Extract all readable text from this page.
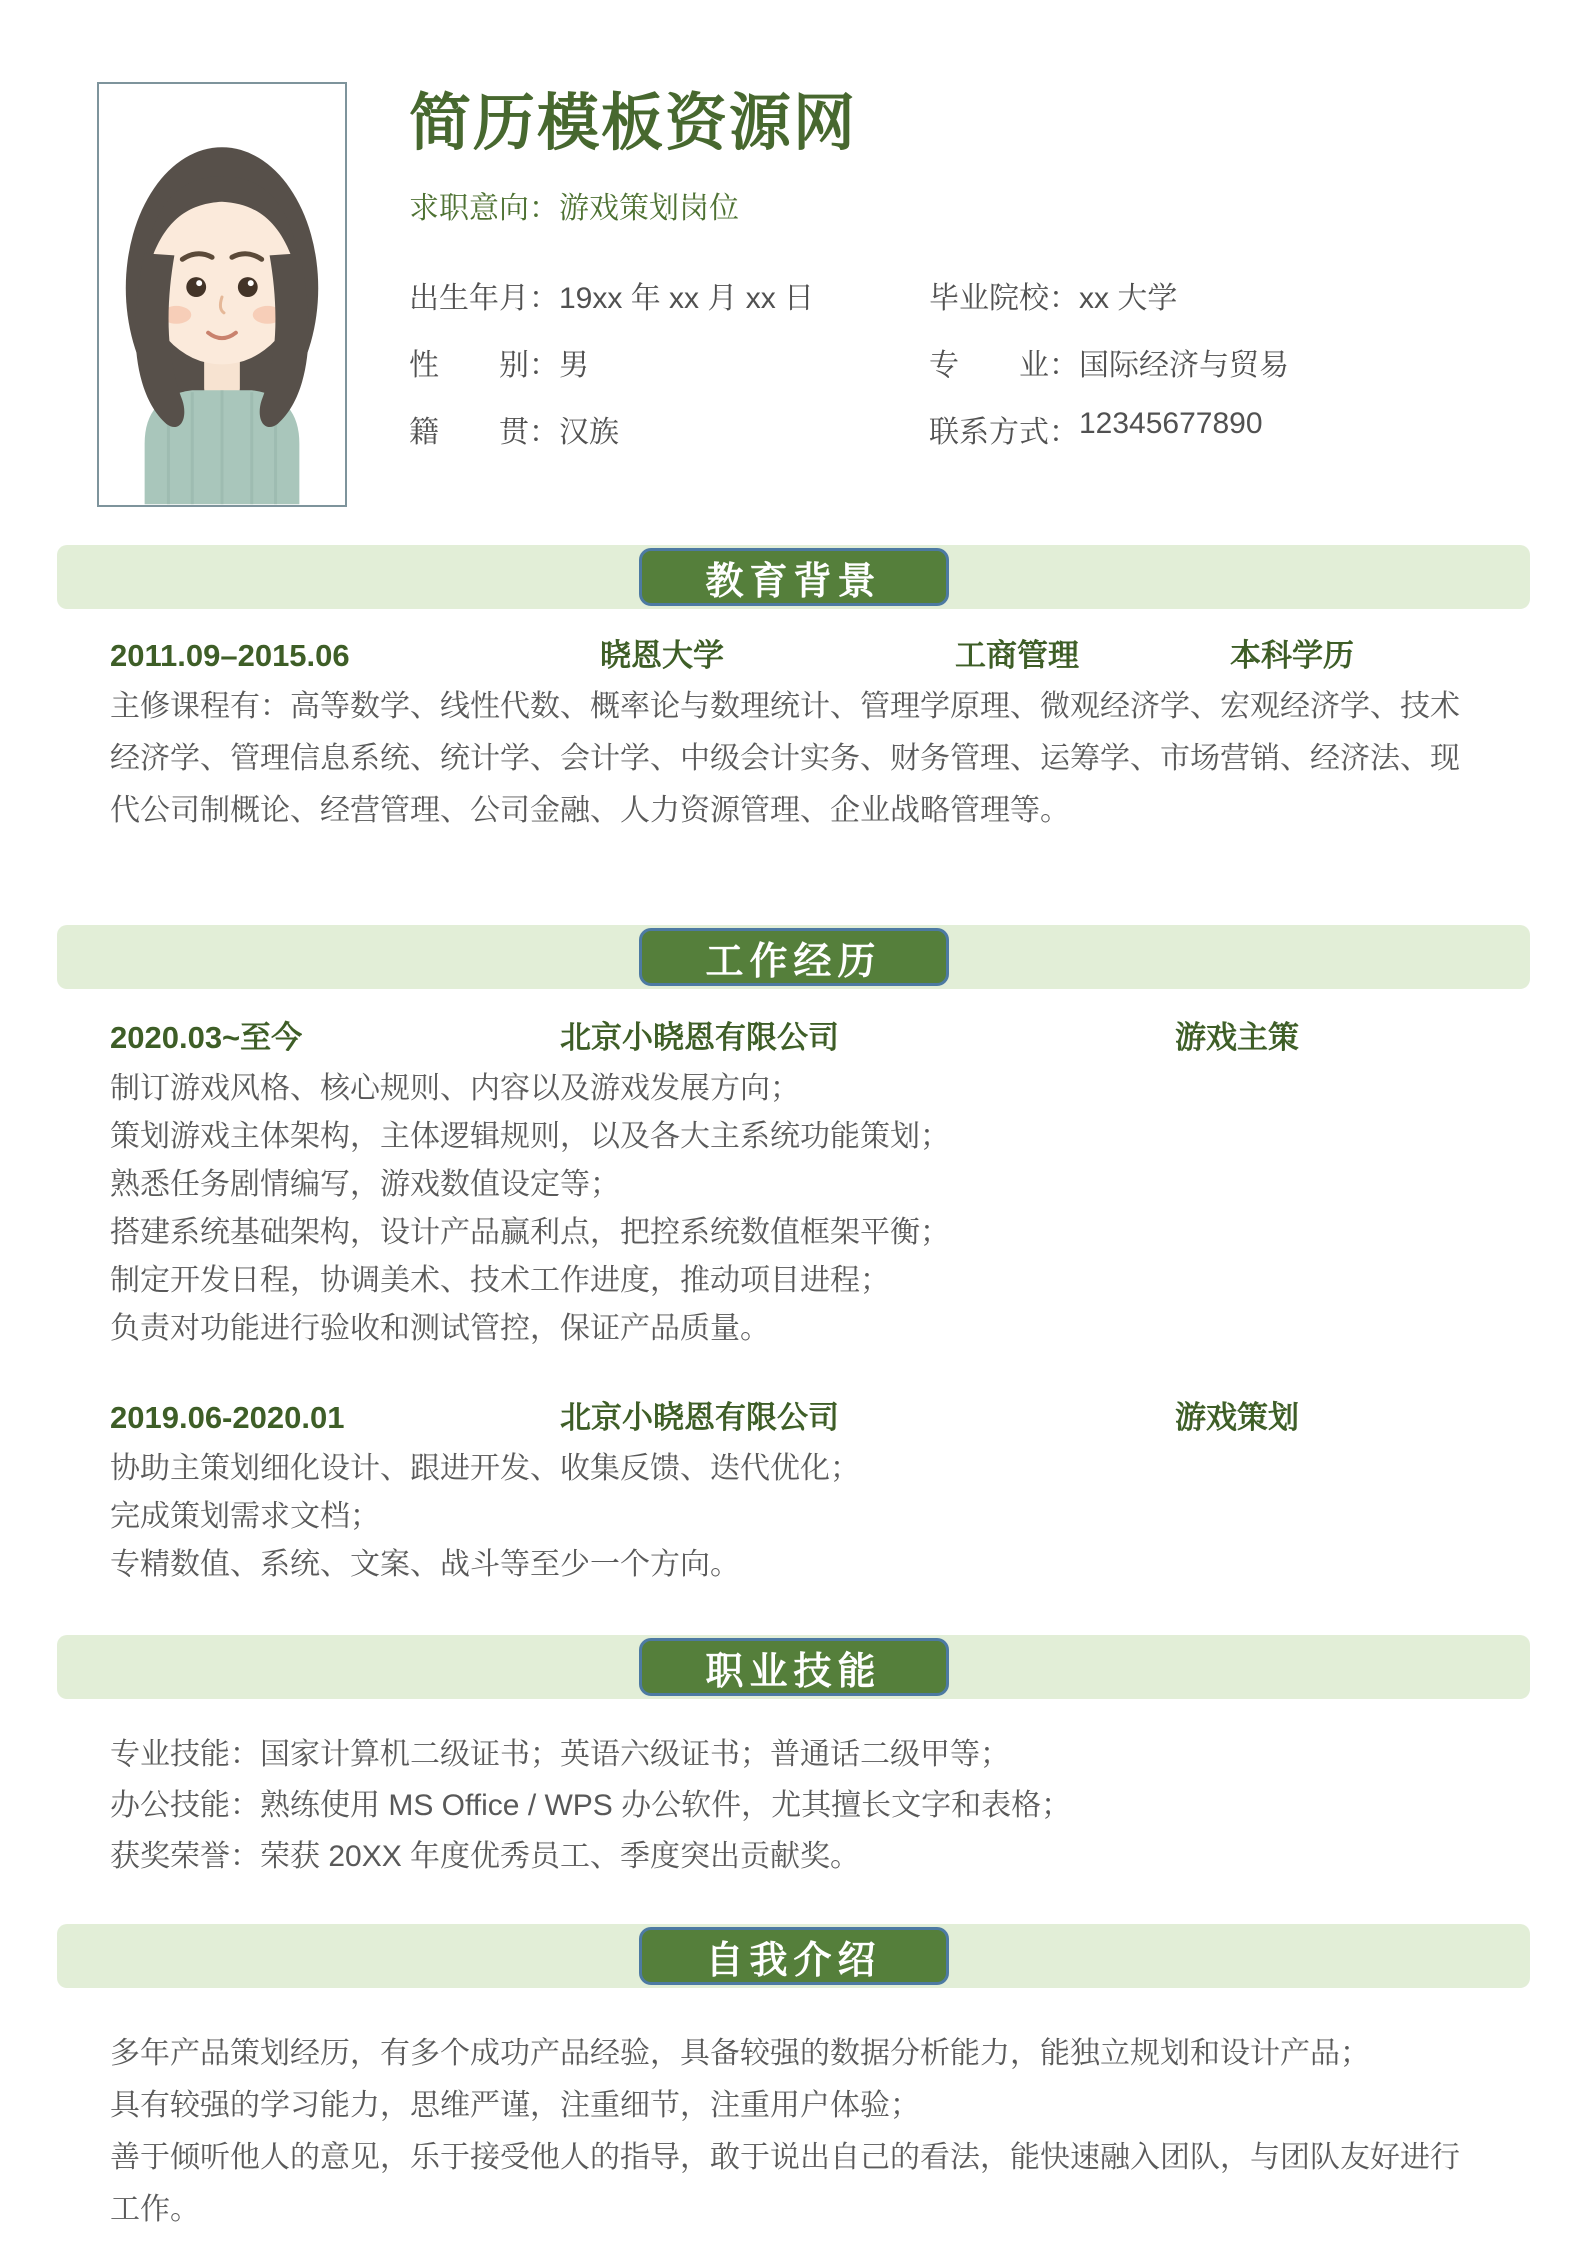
简历模板资源网
求职意向：游戏策划岗位
出生年月： 19xx 年 xx 月 xx 日	毕业院校： xx 大学
性　　别： 男	专　　业： 国际经济与贸易
籍　　贯： 汉族	联系方式： 12345677890
教育背景
2011.09–2015.06	晓恩大学	工商管理	本科学历
主修课程有：高等数学、线性代数、概率论与数理统计、管理学原理、微观经济学、宏观经济学、技术经济学、管理信息系统、统计学、会计学、中级会计实务、财务管理、运筹学、市场营销、经济法、现代公司制概论、经营管理、公司金融、人力资源管理、企业战略管理等。
工作经历
2020.03~至今	北京小晓恩有限公司	游戏主策
制订游戏风格、核心规则、内容以及游戏发展方向；
策划游戏主体架构，主体逻辑规则，以及各大主系统功能策划；
熟悉任务剧情编写，游戏数值设定等；
搭建系统基础架构，设计产品赢利点，把控系统数值框架平衡；
制定开发日程，协调美术、技术工作进度，推动项目进程；
负责对功能进行验收和测试管控，保证产品质量。
2019.06-2020.01	北京小晓恩有限公司	游戏策划
协助主策划细化设计、跟进开发、收集反馈、迭代优化；
完成策划需求文档；
专精数值、系统、文案、战斗等至少一个方向。
职业技能
专业技能：国家计算机二级证书；英语六级证书；普通话二级甲等；
办公技能：熟练使用 MS Office / WPS 办公软件，尤其擅长文字和表格；
获奖荣誉：荣获 20XX 年度优秀员工、季度突出贡献奖。
自我介绍
多年产品策划经历，有多个成功产品经验，具备较强的数据分析能力，能独立规划和设计产品；
具有较强的学习能力，思维严谨，注重细节，注重用户体验；
善于倾听他人的意见，乐于接受他人的指导，敢于说出自己的看法，能快速融入团队，与团队友好进行工作。
